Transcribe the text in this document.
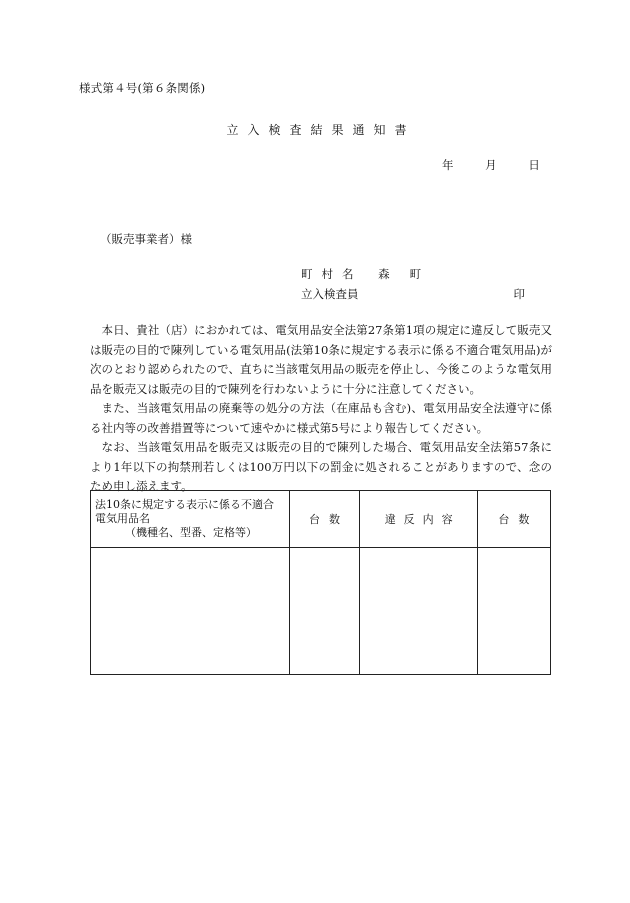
様式第４号(第６条関係)
立入検査結果通知書
年	月	日
（販売事業者）様
町村名 森町
立入検査員	印

本日、貴社（店）におかれては、電気用品安全法第27条第1項の規定に違反して販売又は販売の目的で陳列している電気用品(法第10条に規定する表示に係る不適合電気用品)が次のとおり認められたので、直ちに当該電気用品の販売を停止し、今後このような電気用品を販売又は販売の目的で陳列を行わないように十分に注意してください。

また、当該電気用品の廃棄等の処分の方法（在庫品も含む)、電気用品安全法遵守に係る社内等の改善措置等について速やかに様式第5号により報告してください。

なお、当該電気用品を販売又は販売の目的で陳列した場合、電気用品安全法第57条により1年以下の拘禁刑若しくは100万円以下の罰金に処されることがありますので、念のため申し添えます。

法10条に規定する表示に係る不適合
電気用品名
（機種名、型番、定格等）	台数	違反内容	台数
